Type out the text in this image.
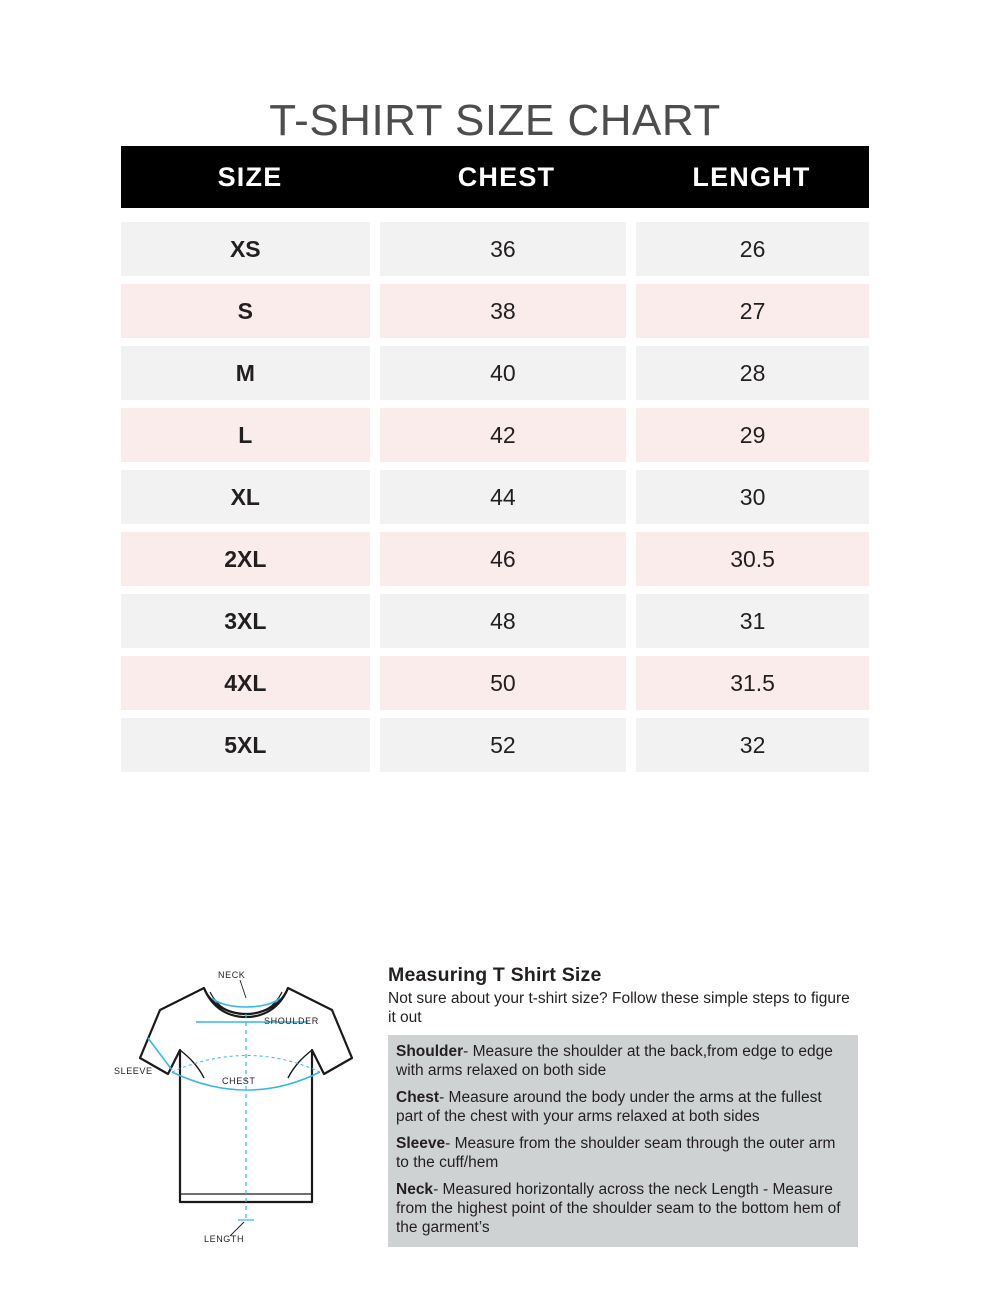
T-SHIRT SIZE CHART
SIZE	CHEST	LENGHT
XS	36	26
S	38	27
M	40	28
L	42	29
XL	44	30
2XL	46	30.5
3XL	48	31
4XL	50	31.5
5XL	52	32
NECK
SHOULDER
CHEST
SLEEVE
LENGTH
Measuring T Shirt Size

Not sure about your t-shirt size? Follow these simple steps to figure it out

Shoulder- Measure the shoulder at the back,from edge to edge with arms relaxed on both side

Chest- Measure around the body under the arms at the fullest part of the chest with your arms relaxed at both sides

Sleeve- Measure from the shoulder seam through the outer arm to the cuff/hem

Neck- Measured horizontally across the neck Length - Measure from the highest point of the shoulder seam to the bottom hem of the garment’s
